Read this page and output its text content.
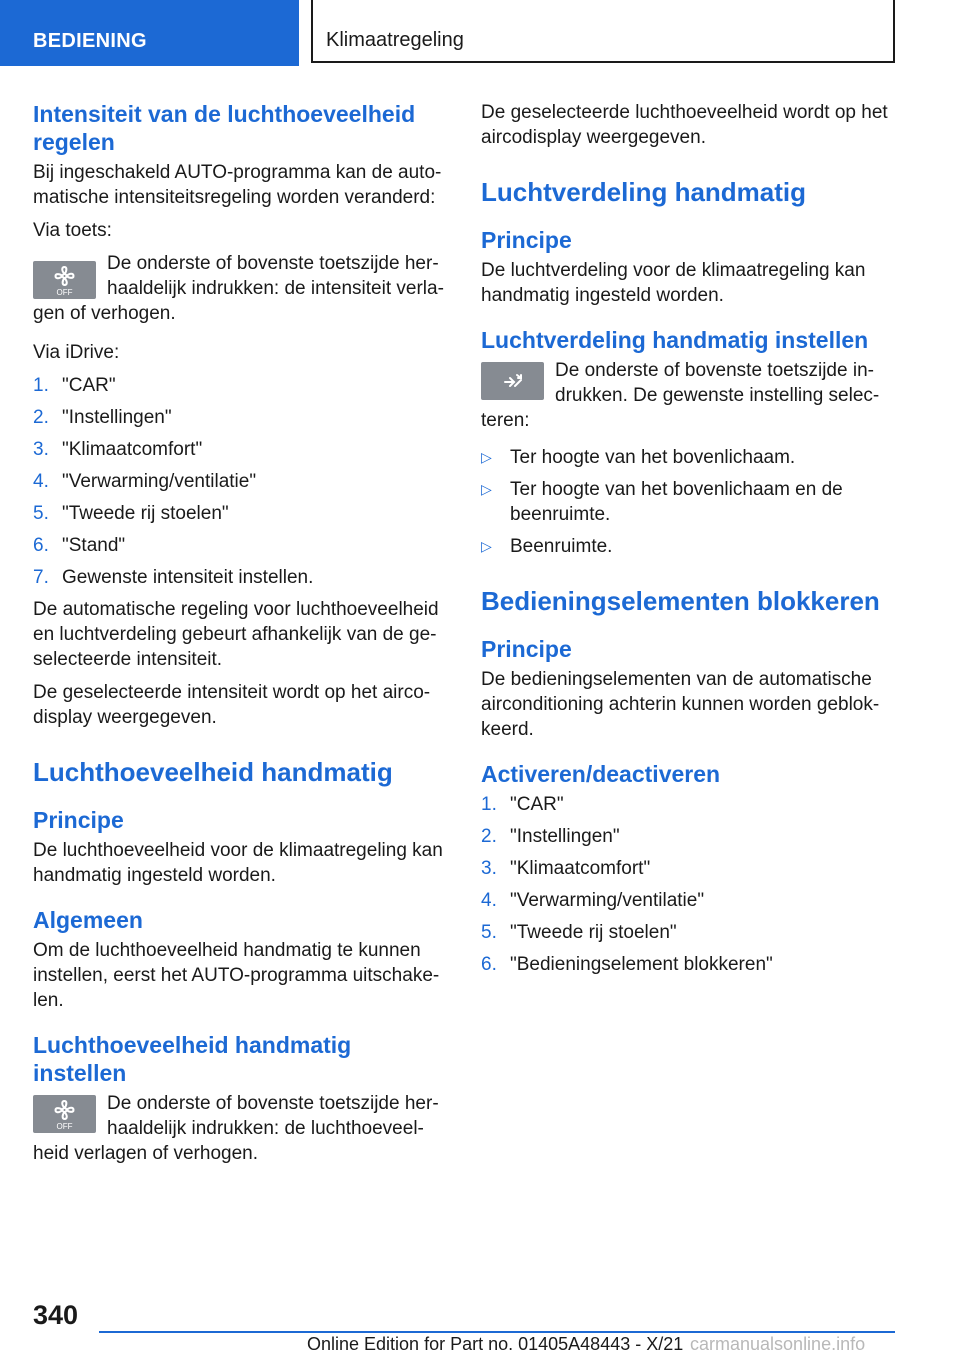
BEDIENING	Klimaatregeling
Intensiteit van de luchthoeveelheid regelen

Bij ingeschakeld AUTO-programma kan de automatische intensiteitsregeling worden veranderd:

Via toets:

OFF

De onderste of bovenste toetszijde herhaaldelijk indrukken: de intensiteit verlagen of verhogen.

Via iDrive:

1. "CAR"
2. "Instellingen"
3. "Klimaatcomfort"
4. "Verwarming/ventilatie"
5. "Tweede rij stoelen"
6. "Stand"
7. Gewenste intensiteit instellen.

De automatische regeling voor luchthoeveelheid en luchtverdeling gebeurt afhankelijk van de geselecteerde intensiteit.

De geselecteerde intensiteit wordt op het aircodisplay weergegeven.

Luchthoeveelheid handmatig
Principe

De luchthoeveelheid voor de klimaatregeling kan handmatig ingesteld worden.

Algemeen

Om de luchthoeveelheid handmatig te kunnen instellen, eerst het AUTO-programma uitschakelen.

Luchthoeveelheid handmatig instellen
OFF

De onderste of bovenste toetszijde herhaaldelijk indrukken: de luchthoeveelheid verlagen of verhogen.

De geselecteerde luchthoeveelheid wordt op het aircodisplay weergegeven.

Luchtverdeling handmatig
Principe

De luchtverdeling voor de klimaatregeling kan handmatig ingesteld worden.

Luchtverdeling handmatig instellen

De onderste of bovenste toetszijde indrukken. De gewenste instelling selecteren:

▷ Ter hoogte van het bovenlichaam.
▷ Ter hoogte van het bovenlichaam en de beenruimte.
▷ Beenruimte.
Bedieningselementen blokkeren
Principe

De bedieningselementen van de automatische airconditioning achterin kunnen worden geblokkeerd.

Activeren/deactiveren
1. "CAR"
2. "Instellingen"
3. "Klimaatcomfort"
4. "Verwarming/ventilatie"
5. "Tweede rij stoelen"
6. "Bedieningselement blokkeren"
340
Online Edition for Part no. 01405A48443 - X/21 carmanualsonline.info
